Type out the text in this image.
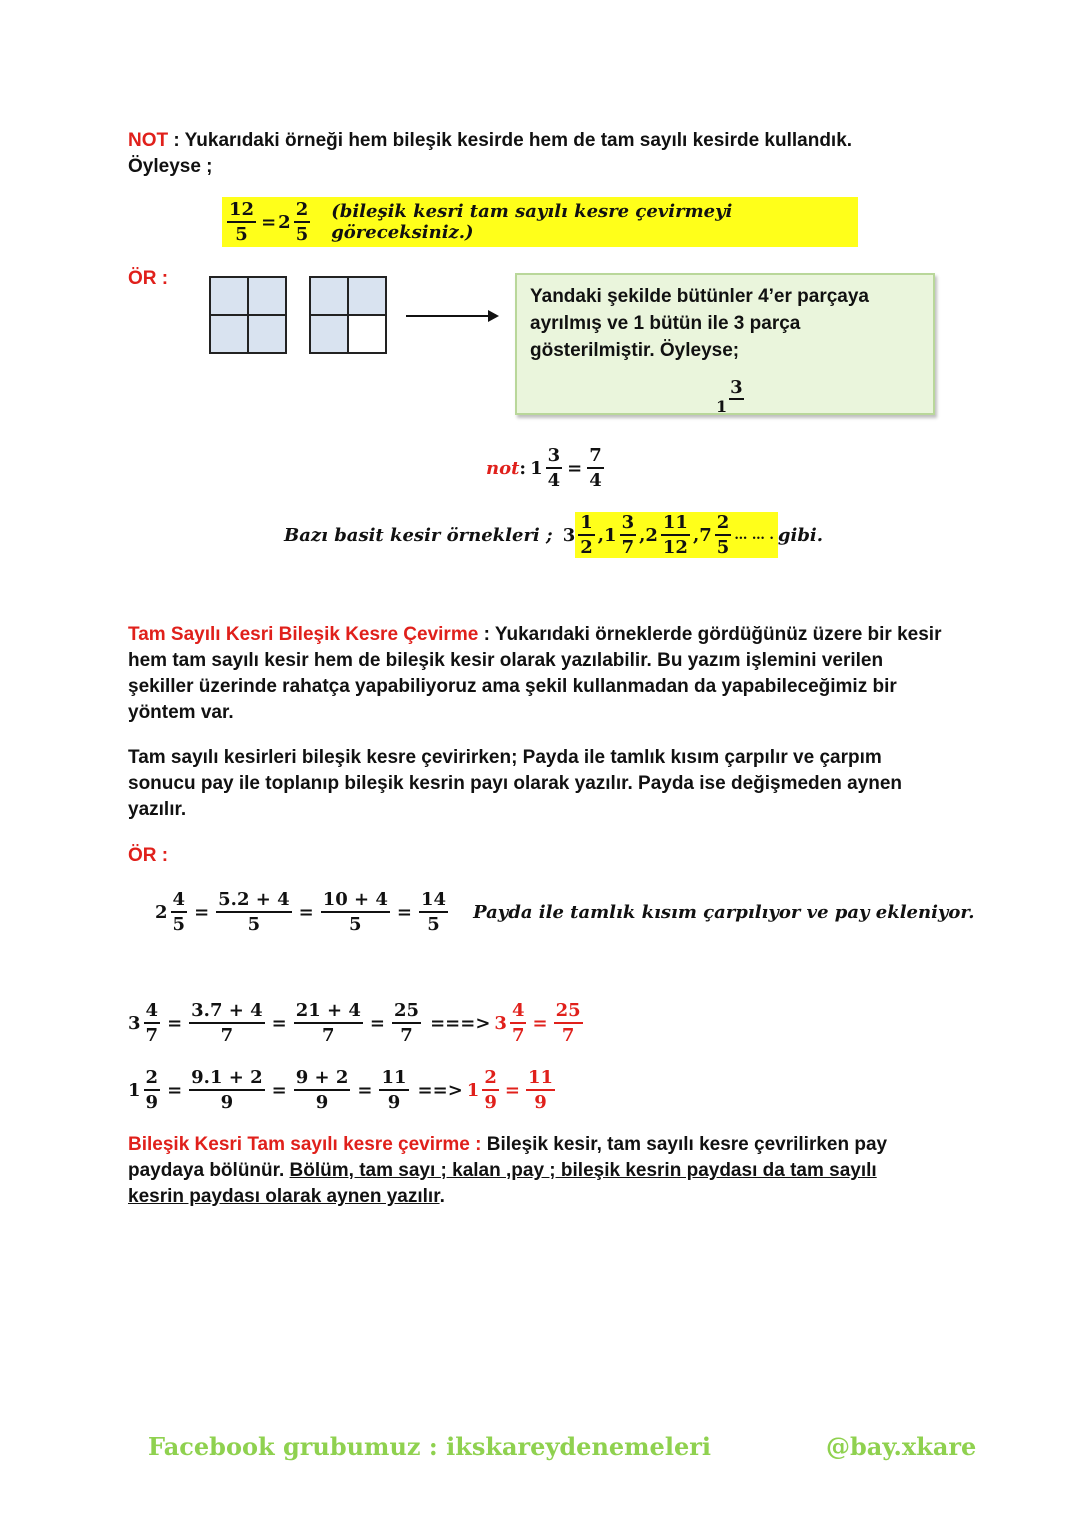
NOT : Yukarıdaki örneği hem bileşik kesirde hem de tam sayılı kesirde kullandık. Öyleyse ;
$\frac{12}{5} = 2 \frac{2}{5}$ (bileşik kesri tam sayılı kesre çevirmeyi göreceksiniz.)
ÖR :
Yandaki şekilde bütünler 4’er parçaya ayrılmış ve 1 bütün ile 3 parça gösterilmiştir. Öyleyse;
1
3
not : $1 \frac{3}{4} = \frac{7}{4}$
Bazı basit kesir örnekleri ; $3 \frac{1}{2}$ , $1 \frac{3}{7}$ , $2 \frac{11}{12}$ , $7 \frac{2}{5}$ … … . gibi.
Tam Sayılı Kesri Bileşik Kesre Çevirme : Yukarıdaki örneklerde gördüğünüz üzere bir kesir hem tam sayılı kesir hem de bileşik kesir olarak yazılabilir. Bu yazım işlemini verilen şekiller üzerinde rahatça yapabiliyoruz ama şekil kullanmadan da yapabileceğimiz bir yöntem var.
Tam sayılı kesirleri bileşik kesre çevirirken; Payda ile tamlık kısım çarpılır ve çarpım sonucu pay ile toplanıp bileşik kesrin payı olarak yazılır. Payda ise değişmeden aynen yazılır.
ÖR :
$2 \frac{4}{5} = \frac{5.2 + 4}{5} = \frac{10 + 4}{5} = \frac{14}{5}$ Payda ile tamlık kısım çarpılıyor ve pay ekleniyor.
$3 \frac{4}{7} = \frac{3.7 + 4}{7} = \frac{21 + 4}{7} = \frac{25}{7}$ ===> $3 \frac{4}{7} = \frac{25}{7}$
$1 \frac{2}{9} = \frac{9.1 + 2}{9} = \frac{9 + 2}{9} = \frac{11}{9}$ ==> $1 \frac{2}{9} = \frac{11}{9}$
Bileşik Kesri Tam sayılı kesre çevirme : Bileşik kesir, tam sayılı kesre çevrilirken pay paydaya bölünür. Bölüm, tam sayı ; kalan ,pay ; bileşik kesrin paydası da tam sayılı kesrin paydası olarak aynen yazılır.
Facebook grubumuz : ikskareydenemeleri	@bay.xkare
